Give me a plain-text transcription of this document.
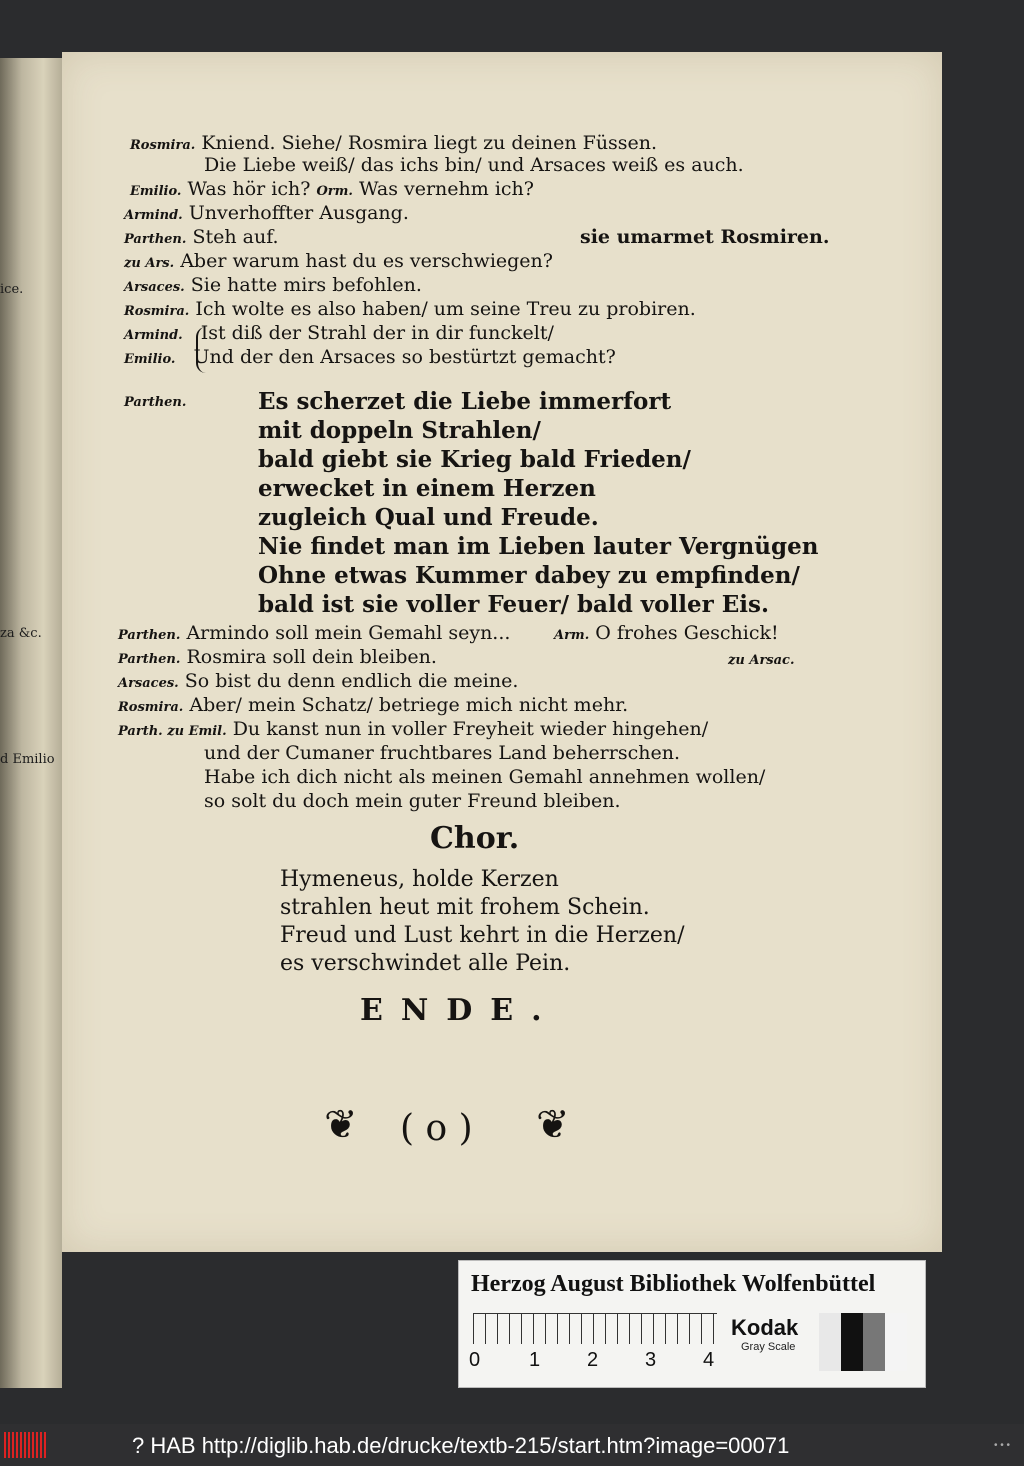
ice.
za &c.
d Emilio
Rosmira. Kniend. Siehe/ Rosmira liegt zu deinen Füssen.
Die Liebe weiß/ das ichs bin/ und Arsaces weiß es auch.
Emilio. Was hör ich? Orm. Was vernehm ich?
Armind. Unverhoffter Ausgang.
Parthen. Steh auf.	sie umarmet Rosmiren.
zu Ars. Aber warum hast du es verschwiegen?
Arsaces. Sie hatte mirs befohlen.
Rosmira. Ich wolte es also haben/ um seine Treu zu probiren.
Armind. Ist diß der Strahl der in dir funckelt/
Emilio. Und der den Arsaces so bestürtzt gemacht?
Parthen.	Es scherzet die Liebe immerfort
mit doppeln Strahlen/
bald giebt sie Krieg bald Frieden/
erwecket in einem Herzen
zugleich Qual und Freude.
Nie findet man im Lieben lauter Vergnügen
Ohne etwas Kummer dabey zu empfinden/
bald ist sie voller Feuer/ bald voller Eis.
Parthen. Armindo soll mein Gemahl seyn...	Arm. O frohes Geschick!
Parthen. Rosmira soll dein bleiben.	zu Arsac.
Arsaces. So bist du denn endlich die meine.
Rosmira. Aber/ mein Schatz/ betriege mich nicht mehr.
Parth. zu Emil. Du kanst nun in voller Freyheit wieder hingehen/
und der Cumaner fruchtbares Land beherrschen.
Habe ich dich nicht als meinen Gemahl annehmen wollen/
so solt du doch mein guter Freund bleiben.
Chor.
Hymeneus, holde Kerzen
strahlen heut mit frohem Schein.
Freud und Lust kehrt in die Herzen/
es verschwindet alle Pein.
ENDE.
❦ ( o ) ❦
Herzog August Bibliothek Wolfenbüttel
0 1 2 3 4
Kodak
Gray Scale
? HAB http://diglib.hab.de/drucke/textb-215/start.htm?image=00071	• • •
